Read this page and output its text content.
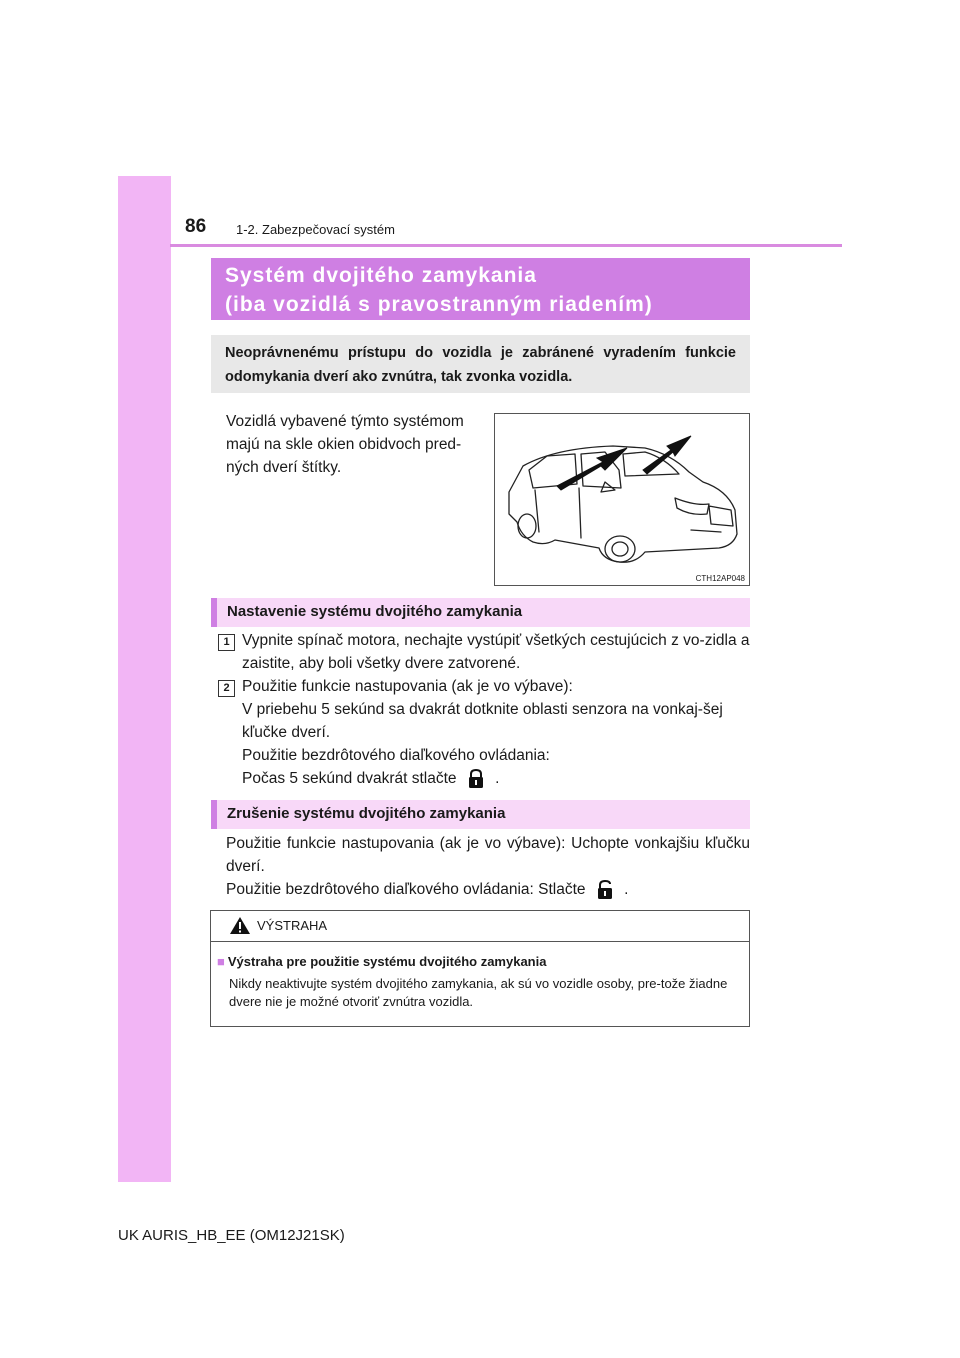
86 1-2. Zabezpečovací systém
Systém dvojitého zamykania
(iba vozidlá s pravostranným riadením)
Neoprávnenému prístupu do vozidla je zabránené vyradením funkcie odomykania dverí ako zvnútra, tak zvonka vozidla.
Vozidlá vybavené týmto systémom majú na skle okien obidvoch pred-ných dverí štítky.
CTH12AP048
Nastavenie systému dvojitého zamykania
1 Vypnite spínač motora, nechajte vystúpiť všetkých cestujúcich z vo-zidla a zaistite, aby boli všetky dvere zatvorené.
2 Použitie funkcie nastupovania (ak je vo výbave):
V priebehu 5 sekúnd sa dvakrát dotknite oblasti senzora na vonkaj-šej kľučke dverí.
Použitie bezdrôtového diaľkového ovládania:
Počas 5 sekúnd dvakrát stlačte .
Zrušenie systému dvojitého zamykania
Použitie funkcie nastupovania (ak je vo výbave): Uchopte vonkajšiu kľučku dverí.
Použitie bezdrôtového diaľkového ovládania: Stlačte .
VÝSTRAHA
■ Výstraha pre použitie systému dvojitého zamykania
Nikdy neaktivujte systém dvojitého zamykania, ak sú vo vozidle osoby, pre-tože žiadne dvere nie je možné otvoriť zvnútra vozidla.
UK AURIS_HB_EE (OM12J21SK)
